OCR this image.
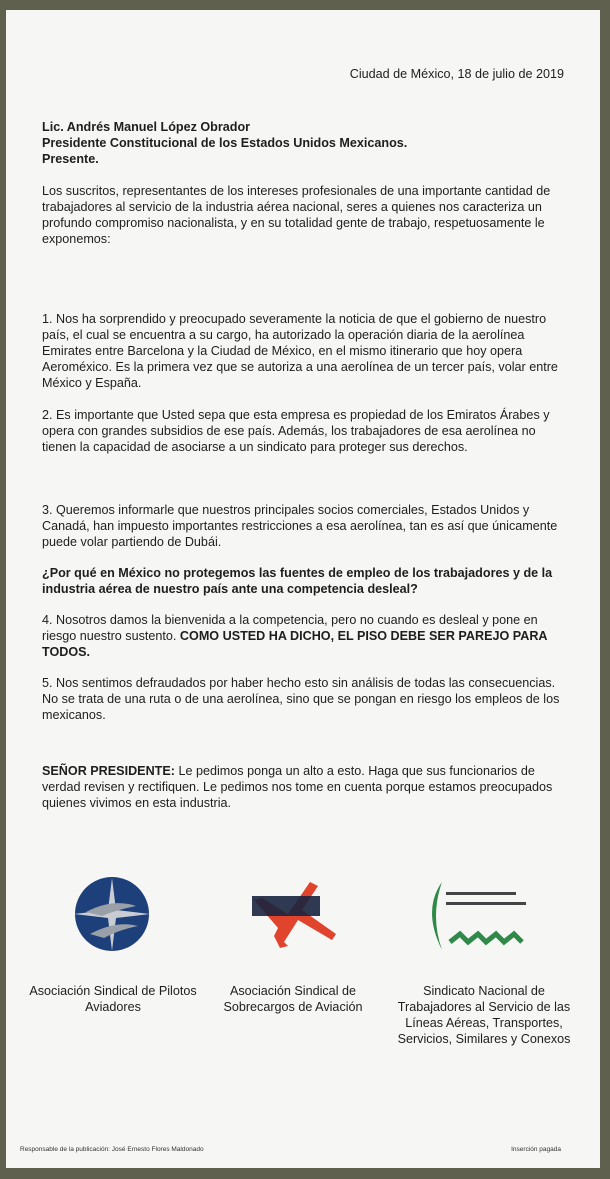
Ciudad de México, 18 de julio de 2019
Lic. Andrés Manuel López Obrador
Presidente Constitucional de los Estados Unidos Mexicanos.
Presente.
Los suscritos, representantes de los intereses profesionales de una importante cantidad de trabajadores al servicio de la industria aérea nacional, seres a quienes nos caracteriza un profundo compromiso nacionalista, y en su totalidad gente de trabajo, respetuosamente le exponemos:
1. Nos ha sorprendido y preocupado severamente la noticia de que el gobierno de nuestro país, el cual se encuentra a su cargo, ha autorizado la operación diaria de la aerolínea Emirates entre Barcelona y la Ciudad de México, en el mismo itinerario que hoy opera Aeroméxico. Es la primera vez que se autoriza a una aerolínea de un tercer país, volar entre México y España.
2. Es importante que Usted sepa que esta empresa es propiedad de los Emiratos Árabes y opera con grandes subsidios de ese país. Además, los trabajadores de esa aerolínea no tienen la capacidad de asociarse a un sindicato para proteger sus derechos.
3. Queremos informarle que nuestros principales socios comerciales, Estados Unidos y Canadá, han impuesto importantes restricciones a esa aerolínea, tan es así que únicamente puede volar partiendo de Dubái.
¿Por qué en México no protegemos las fuentes de empleo de los trabajadores y de la industria aérea de nuestro país ante una competencia desleal?
4. Nosotros damos la bienvenida a la competencia, pero no cuando es desleal y pone en riesgo nuestro sustento. COMO USTED HA DICHO, EL PISO DEBE SER PAREJO PARA TODOS.
5. Nos sentimos defraudados por haber hecho esto sin análisis de todas las consecuencias. No se trata de una ruta o de una aerolínea, sino que se pongan en riesgo los empleos de los mexicanos.
SEÑOR PRESIDENTE: Le pedimos ponga un alto a esto. Haga que sus funcionarios de verdad revisen y rectifiquen. Le pedimos nos tome en cuenta porque estamos preocupados quienes vivimos en esta industria.
Asociación Sindical de Pilotos Aviadores
Asociación Sindical de Sobrecargos de Aviación
Sindicato Nacional de Trabajadores al Servicio de las Líneas Aéreas, Transportes, Servicios, Similares y Conexos
Responsable de la publicación: José Ernesto Flores Maldonado	Inserción pagada
